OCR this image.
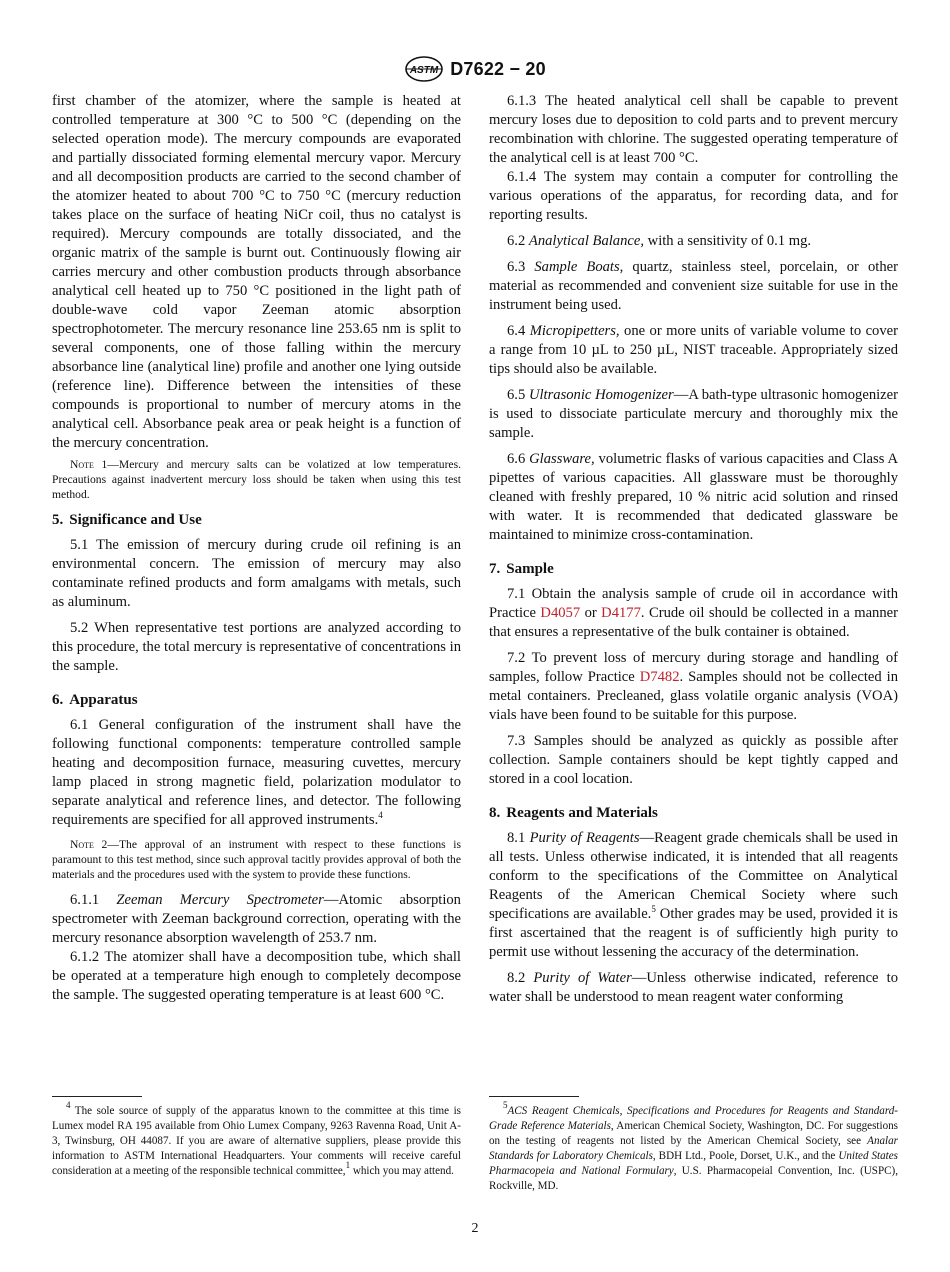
ASTM D7622 − 20

first chamber of the atomizer, where the sample is heated at controlled temperature at 300 °C to 500 °C (depending on the selected operation mode). The mercury compounds are evaporated and partially dissociated forming elemental mercury vapor. Mercury and all decomposition products are carried to the second chamber of the atomizer heated to about 700 °C to 750 °C (mercury reduction takes place on the surface of heating NiCr coil, thus no catalyst is required). Mercury compounds are totally dissociated, and the organic matrix of the sample is burnt out. Continuously flowing air carries mercury and other combustion products through absorbance analytical cell heated up to 750 °C positioned in the light path of double-wave cold vapor Zeeman atomic absorption spectrophotometer. The mercury resonance line 253.65 nm is split to several components, one of those falling within the mercury absorbance line (analytical line) profile and another one lying outside (reference line). Difference between the intensities of these compounds is proportional to number of mercury atoms in the analytical cell. Absorbance peak area or peak height is a function of the mercury concentration.

Note 1—Mercury and mercury salts can be volatized at low temperatures. Precautions against inadvertent mercury loss should be taken when using this test method.
5. Significance and Use

5.1 The emission of mercury during crude oil refining is an environmental concern. The emission of mercury may also contaminate refined products and form amalgams with metals, such as aluminum.

5.2 When representative test portions are analyzed according to this procedure, the total mercury is representative of concentrations in the sample.

6. Apparatus

6.1 General configuration of the instrument shall have the following functional components: temperature controlled sample heating and decomposition furnace, measuring cuvettes, mercury lamp placed in strong magnetic field, polarization modulator to separate analytical and reference lines, and detector. The following requirements are specified for all approved instruments.$^4$

Note 2—The approval of an instrument with respect to these functions is paramount to this test method, since such approval tacitly provides approval of both the materials and the procedures used with the system to provide these functions.

6.1.1 Zeeman Mercury Spectrometer—Atomic absorption spectrometer with Zeeman background correction, operating with the mercury resonance absorption wavelength of 253.7 nm.

6.1.2 The atomizer shall have a decomposition tube, which shall be operated at a temperature high enough to completely decompose the sample. The suggested operating temperature is at least 600 °C.

6.1.3 The heated analytical cell shall be capable to prevent mercury loses due to deposition to cold parts and to prevent mercury recombination with chlorine. The suggested operating temperature of the analytical cell is at least 700 °C.

6.1.4 The system may contain a computer for controlling the various operations of the apparatus, for recording data, and for reporting results.

6.2 Analytical Balance, with a sensitivity of 0.1 mg.

6.3 Sample Boats, quartz, stainless steel, porcelain, or other material as recommended and convenient size suitable for use in the instrument being used.

6.4 Micropipetters, one or more units of variable volume to cover a range from 10 µL to 250 µL, NIST traceable. Appropriately sized tips should also be available.

6.5 Ultrasonic Homogenizer—A bath-type ultrasonic homogenizer is used to dissociate particulate mercury and thoroughly mix the sample.

6.6 Glassware, volumetric flasks of various capacities and Class A pipettes of various capacities. All glassware must be thoroughly cleaned with freshly prepared, 10 % nitric acid solution and rinsed with water. It is recommended that dedicated glassware be maintained to minimize cross-contamination.

7. Sample

7.1 Obtain the analysis sample of crude oil in accordance with Practice D4057 or D4177. Crude oil should be collected in a manner that ensures a representative of the bulk container is obtained.

7.2 To prevent loss of mercury during storage and handling of samples, follow Practice D7482. Samples should not be collected in metal containers. Precleaned, glass volatile organic analysis (VOA) vials have been found to be suitable for this purpose.

7.3 Samples should be analyzed as quickly as possible after collection. Sample containers should be kept tightly capped and stored in a cool location.

8. Reagents and Materials

8.1 Purity of Reagents—Reagent grade chemicals shall be used in all tests. Unless otherwise indicated, it is intended that all reagents conform to the specifications of the Committee on Analytical Reagents of the American Chemical Society where such specifications are available.$^5$ Other grades may be used, provided it is first ascertained that the reagent is of sufficiently high purity to permit use without lessening the accuracy of the determination.

8.2 Purity of Water—Unless otherwise indicated, reference to water shall be understood to mean reagent water conforming

$^4$ The sole source of supply of the apparatus known to the committee at this time is Lumex model RA 195 available from Ohio Lumex Company, 9263 Ravenna Road, Unit A-3, Twinsburg, OH 44087. If you are aware of alternative suppliers, please provide this information to ASTM International Headquarters. Your comments will receive careful consideration at a meeting of the responsible technical committee,$^1$ which you may attend.
$^5$ACS Reagent Chemicals, Specifications and Procedures for Reagents and Standard-Grade Reference Materials, American Chemical Society, Washington, DC. For suggestions on the testing of reagents not listed by the American Chemical Society, see Analar Standards for Laboratory Chemicals, BDH Ltd., Poole, Dorset, U.K., and the United States Pharmacopeia and National Formulary, U.S. Pharmacopeial Convention, Inc. (USPC), Rockville, MD.
2
